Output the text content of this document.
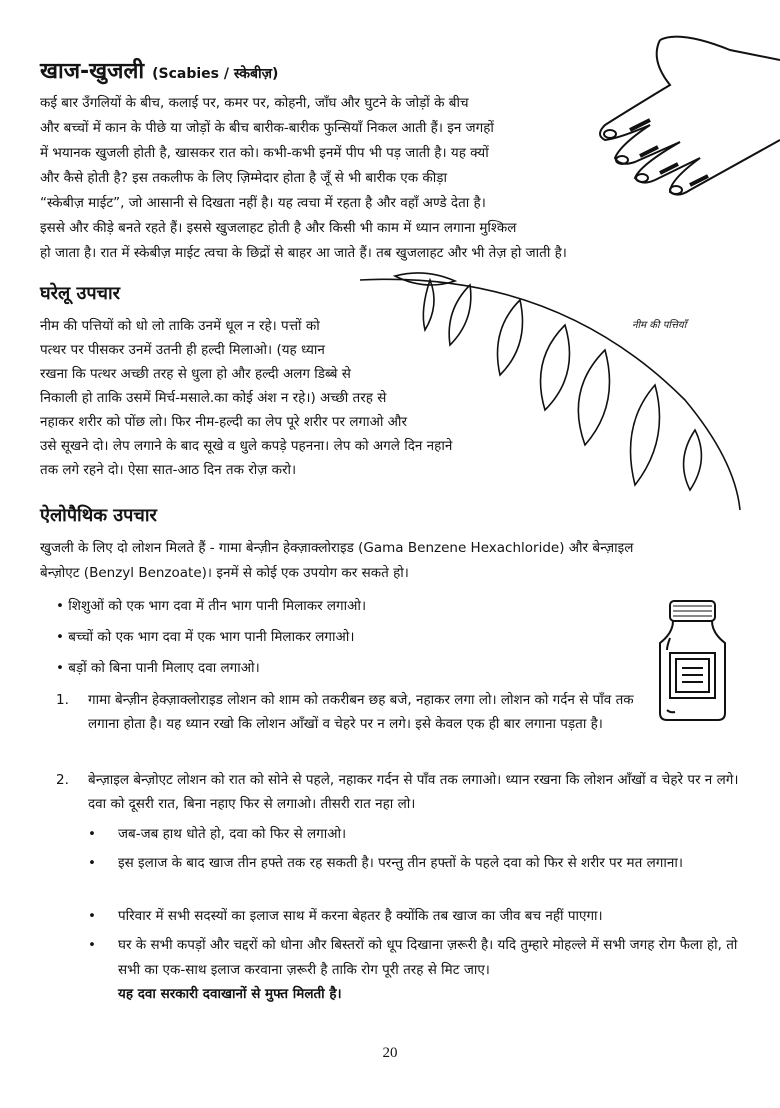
नीम की पत्तियाँ
खाज-खुजली (Scabies / स्केबीज़)
कई बार उँगलियों के बीच, कलाई पर, कमर पर, कोहनी, जाँघ और घुटने के जोड़ों के बीच
और बच्चों में कान के पीछे या जोड़ों के बीच बारीक-बारीक फुन्सियाँ निकल आती हैं। इन जगहों
में भयानक खुजली होती है, खासकर रात को। कभी-कभी इनमें पीप भी पड़ जाती है। यह क्यों
और कैसे होती है? इस तकलीफ के लिए ज़िम्मेदार होता है जूँ से भी बारीक एक कीड़ा
“स्केबीज़ माईट”, जो आसानी से दिखता नहीं है। यह त्वचा में रहता है और वहाँ अण्डे देता है।
इससे और कीड़े बनते रहते हैं। इससे खुजलाहट होती है और किसी भी काम में ध्यान लगाना मुश्किल
हो जाता है। रात में स्केबीज़ माईट त्वचा के छिद्रों से बाहर आ जाते हैं। तब खुजलाहट और भी तेज़ हो जाती है।
घरेलू उपचार
नीम की पत्तियों को धो लो ताकि उनमें धूल न रहे। पत्तों को
पत्थर पर पीसकर उनमें उतनी ही हल्दी मिलाओ। (यह ध्यान
रखना कि पत्थर अच्छी तरह से धुला हो और हल्दी अलग डिब्बे से
निकाली हो ताकि उसमें मिर्च-मसाले.का कोई अंश न रहे।) अच्छी तरह से
नहाकर शरीर को पोंछ लो। फिर नीम-हल्दी का लेप पूरे शरीर पर लगाओ और
उसे सूखने दो। लेप लगाने के बाद सूखे व धुले कपड़े पहनना। लेप को अगले दिन नहाने
तक लगे रहने दो। ऐसा सात-आठ दिन तक रोज़ करो।
ऐलोपैथिक उपचार
खुजली के लिए दो लोशन मिलते हैं - गामा बेन्ज़ीन हेक्ज़ाक्लोराइड (Gama Benzene Hexachloride) और बेन्ज़ाइल
बेन्ज़ोएट (Benzyl Benzoate)। इनमें से कोई एक उपयोग कर सकते हो।
• शिशुओं को एक भाग दवा में तीन भाग पानी मिलाकर लगाओ।
• बच्चों को एक भाग दवा में एक भाग पानी मिलाकर लगाओ।
• बड़ों को बिना पानी मिलाए दवा लगाओ।
1. गामा बेन्ज़ीन हेक्ज़ाक्लोराइड लोशन को शाम को तकरीबन छह बजे, नहाकर लगा लो। लोशन को गर्दन से पाँव तक लगाना होता है। यह ध्यान रखो कि लोशन आँखों व चेहरे पर न लगे। इसे केवल एक ही बार लगाना पड़ता है।
2. बेन्ज़ाइल बेन्ज़ोएट लोशन को रात को सोने से पहले, नहाकर गर्दन से पाँव तक लगाओ। ध्यान रखना कि लोशन आँखों व चेहरे पर न लगे। दवा को दूसरी रात, बिना नहाए फिर से लगाओ। तीसरी रात नहा लो।
• जब-जब हाथ धोते हो, दवा को फिर से लगाओ।
• इस इलाज के बाद खाज तीन हफ्ते तक रह सकती है। परन्तु तीन हफ्तों के पहले दवा को फिर से शरीर पर मत लगाना।
• परिवार में सभी सदस्यों का इलाज साथ में करना बेहतर है क्योंकि तब खाज का जीव बच नहीं पाएगा।
• घर के सभी कपड़ों और चद्दरों को धोना और बिस्तरों को धूप दिखाना ज़रूरी है। यदि तुम्हारे मोहल्ले में सभी जगह रोग फैला हो, तो सभी का एक-साथ इलाज करवाना ज़रूरी है ताकि रोग पूरी तरह से मिट जाए।
यह दवा सरकारी दवाखानों से मुफ्त मिलती है।
20
